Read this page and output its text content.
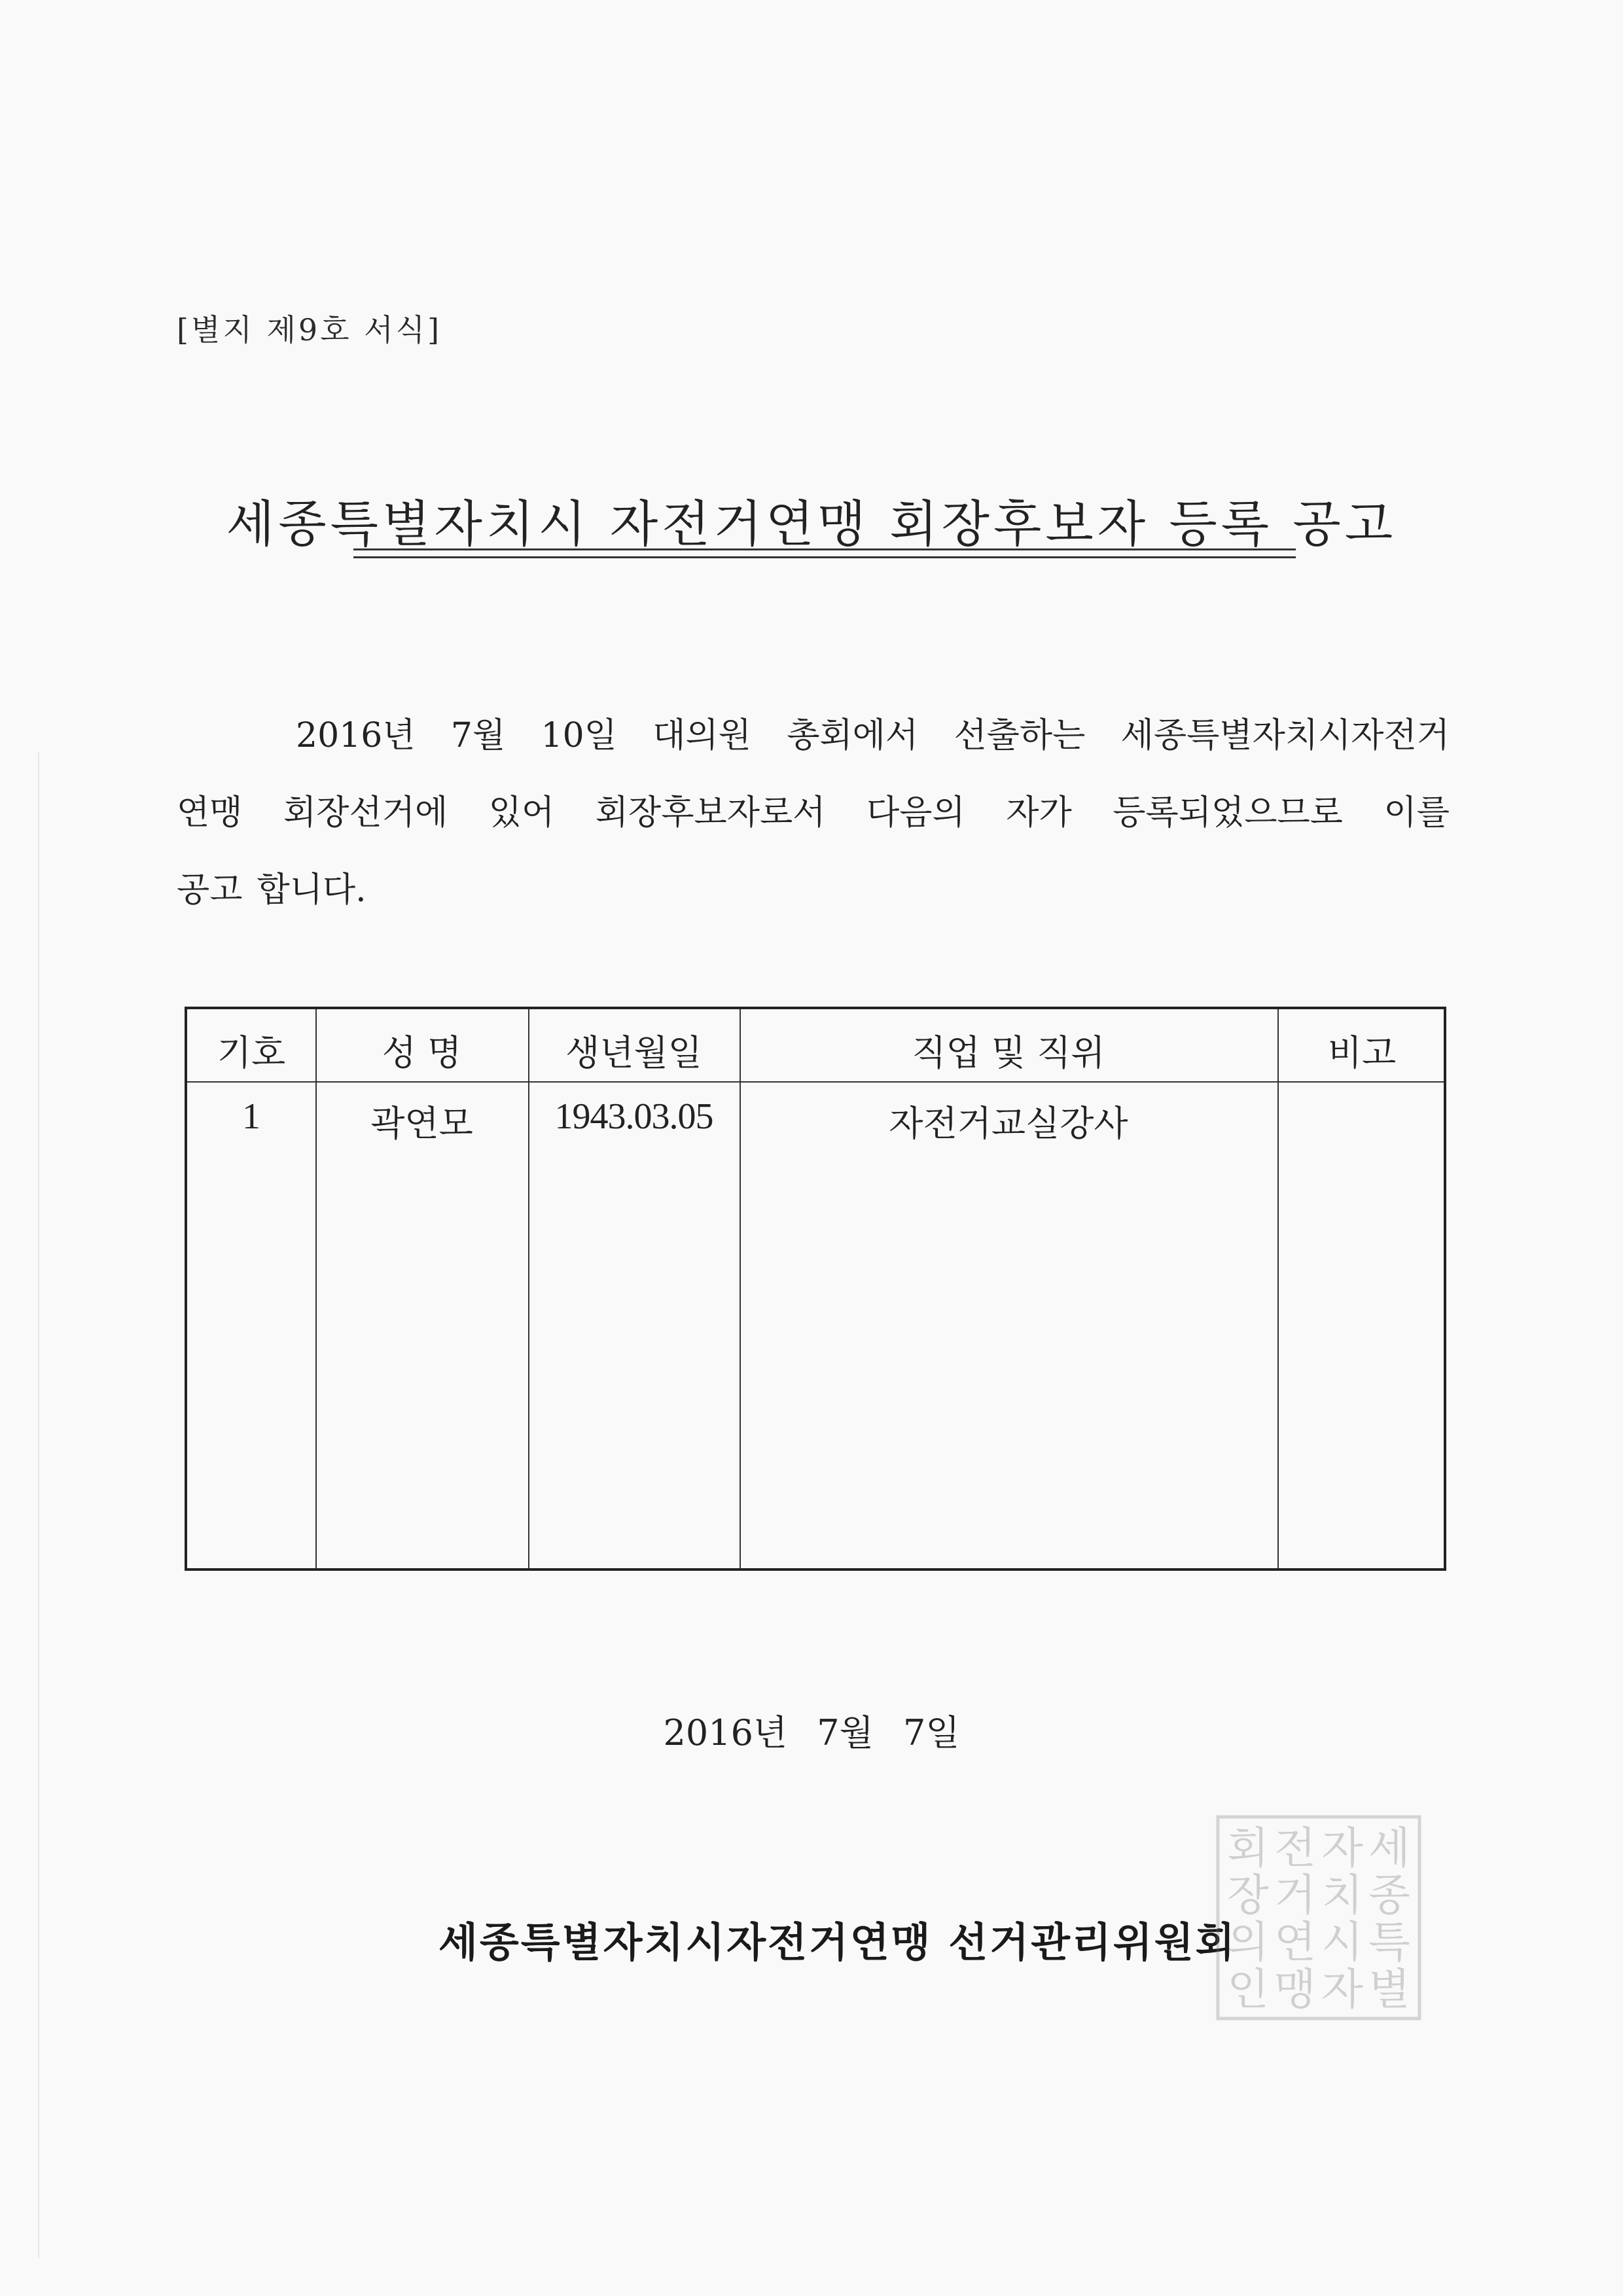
[별지 제9호 서식]
세종특별자치시 자전거연맹 회장후보자 등록 공고
2016년 7월 10일 대의원 총회에서 선출하는 세종특별자치시자전거
연맹 회장선거에 있어 회장후보자로서 다음의 자가 등록되었으므로 이를
공고 합니다.
기호	성 명	생년월일	직업 및 직위	비고
1	곽연모	1943.03.05	자전거교실강사
2016년 7월 7일
세종특별자치시자전거연맹 선거관리위원회
세
종
특
별
자
치
시
자
전
거
연
맹
회
장
의
인
